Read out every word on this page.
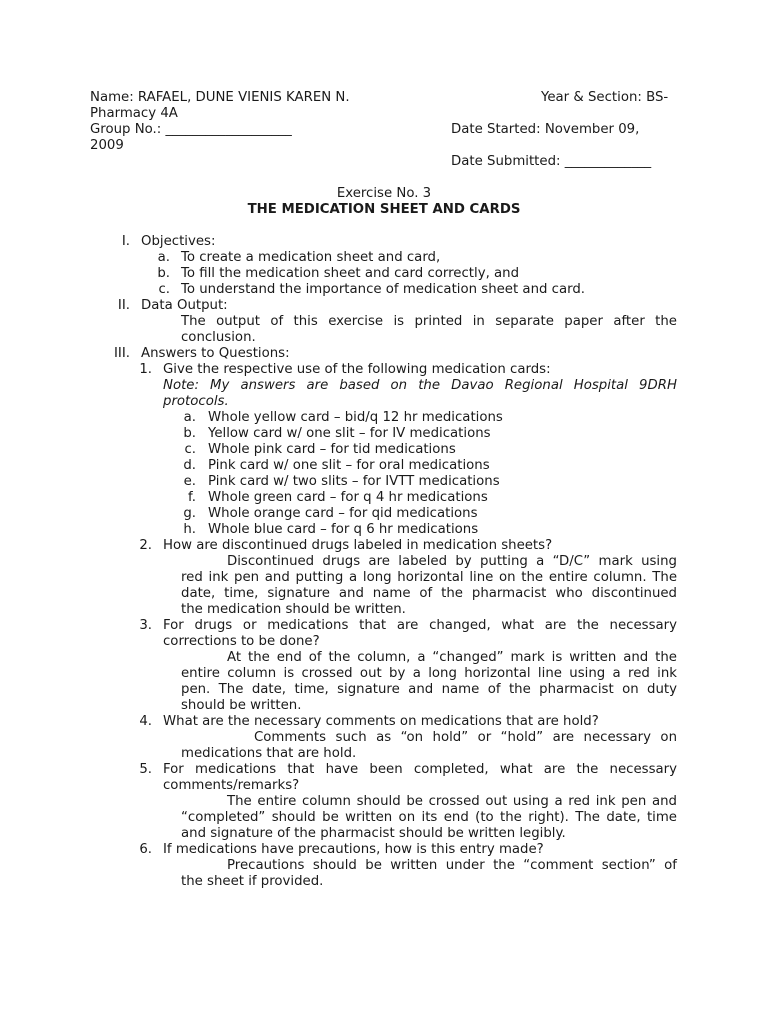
Name: RAFAEL, DUNE VIENIS KAREN N.	Year & Section: BS-
Pharmacy 4A
Group No.: ___________________	Date Started: November 09,
2009
Date Submitted: _____________
Exercise No. 3
THE MEDICATION SHEET AND CARDS
I. Objectives:
a. To create a medication sheet and card,
b. To fill the medication sheet and card correctly, and
c. To understand the importance of medication sheet and card.
II. Data Output:
The output of this exercise is printed in separate paper after the
conclusion.
III. Answers to Questions:
1. Give the respective use of the following medication cards:
Note: My answers are based on the Davao Regional Hospital 9DRH
protocols.
a. Whole yellow card – bid/q 12 hr medications
b. Yellow card w/ one slit – for IV medications
c. Whole pink card – for tid medications
d. Pink card w/ one slit – for oral medications
e. Pink card w/ two slits – for IVTT medications
f. Whole green card – for q 4 hr medications
g. Whole orange card – for qid medications
h. Whole blue card – for q 6 hr medications
2. How are discontinued drugs labeled in medication sheets?
Discontinued drugs are labeled by putting a “D/C” mark using
red ink pen and putting a long horizontal line on the entire column. The
date, time, signature and name of the pharmacist who discontinued
the medication should be written.
3. For drugs or medications that are changed, what are the necessary
corrections to be done?
At the end of the column, a “changed” mark is written and the
entire column is crossed out by a long horizontal line using a red ink
pen. The date, time, signature and name of the pharmacist on duty
should be written.
4. What are the necessary comments on medications that are hold?
Comments such as “on hold” or “hold” are necessary on
medications that are hold.
5. For medications that have been completed, what are the necessary
comments/remarks?
The entire column should be crossed out using a red ink pen and
“completed” should be written on its end (to the right). The date, time
and signature of the pharmacist should be written legibly.
6. If medications have precautions, how is this entry made?
Precautions should be written under the “comment section” of
the sheet if provided.
